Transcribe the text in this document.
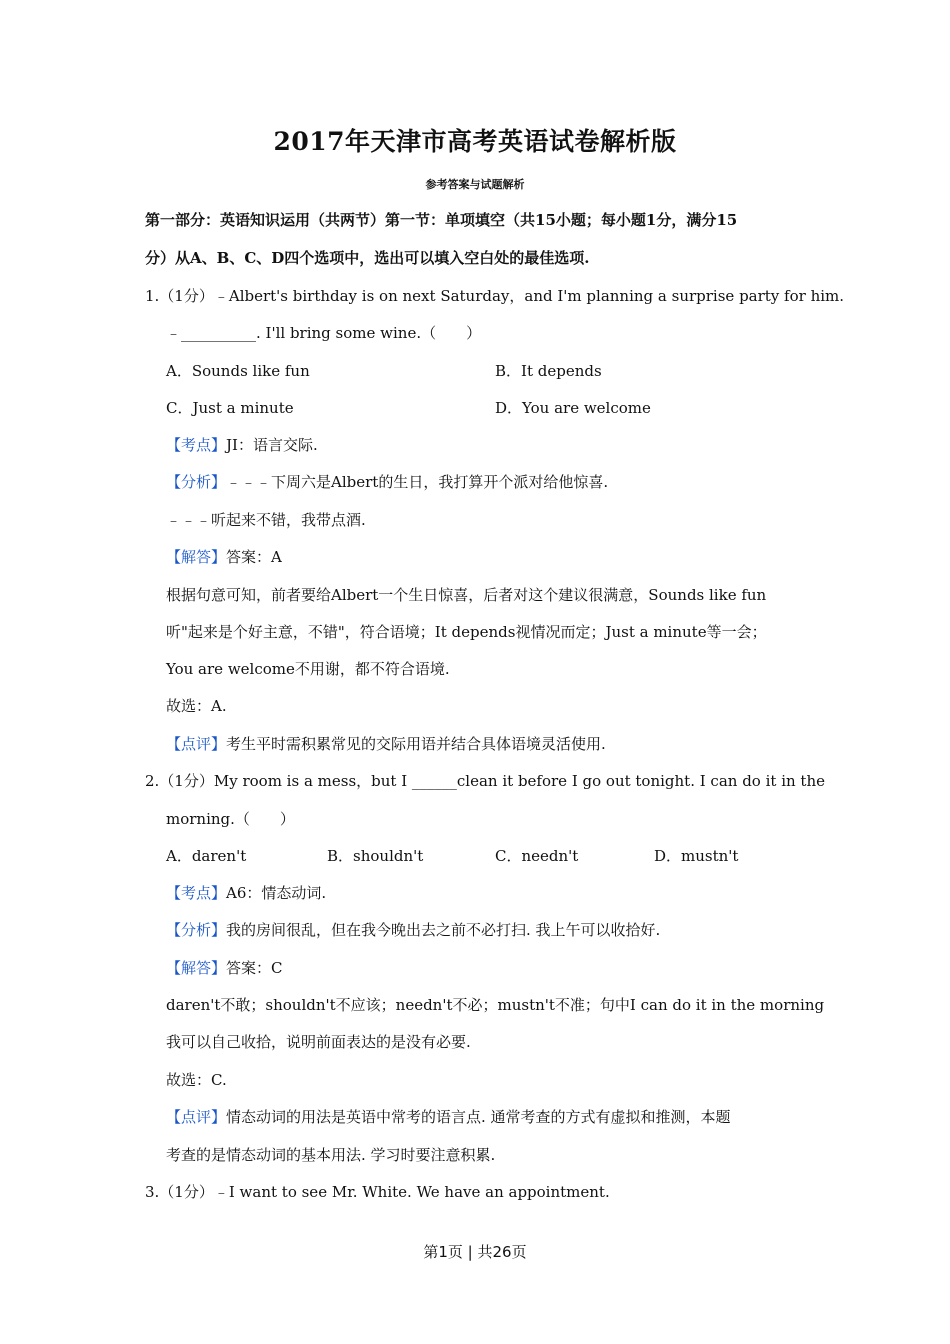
2017年天津市高考英语试卷解析版
参考答案与试题解析
第一部分：英语知识运用（共两节）第一节：单项填空（共15小题；每小题1分，满分15
分）从A、B、C、D四个选项中，选出可以填入空白处的最佳选项.
1.（1分）﹣Albert's birthday is on next Saturday，and I'm planning a surprise party for him.
﹣__________. I'll bring some wine.（　　）
A．Sounds like fun	B．It depends
C．Just a minute	D．You are welcome
【考点】JI：语言交际.
【分析】﹣﹣﹣下周六是Albert的生日，我打算开个派对给他惊喜.
﹣﹣﹣听起来不错，我带点酒.
【解答】答案：A
根据句意可知，前者要给Albert一个生日惊喜，后者对这个建议很满意，Sounds like fun
听"起来是个好主意，不错"，符合语境；It depends视情况而定；Just a minute等一会；
You are welcome不用谢，都不符合语境.
故选：A.
【点评】考生平时需积累常见的交际用语并结合具体语境灵活使用.
2.（1分）My room is a mess，but I ______clean it before I go out tonight. I can do it in the
morning.（　　）
A．daren't	B．shouldn't	C．needn't	D．mustn't
【考点】A6：情态动词.
【分析】我的房间很乱，但在我今晚出去之前不必打扫. 我上午可以收拾好.
【解答】答案：C
daren't不敢；shouldn't不应该；needn't不必；mustn't不准；句中I can do it in the morning
我可以自己收拾，说明前面表达的是没有必要.
故选：C.
【点评】情态动词的用法是英语中常考的语言点. 通常考查的方式有虚拟和推测，本题
考查的是情态动词的基本用法. 学习时要注意积累.
3.（1分）﹣I want to see Mr. White. We have an appointment.
第1页 | 共26页
